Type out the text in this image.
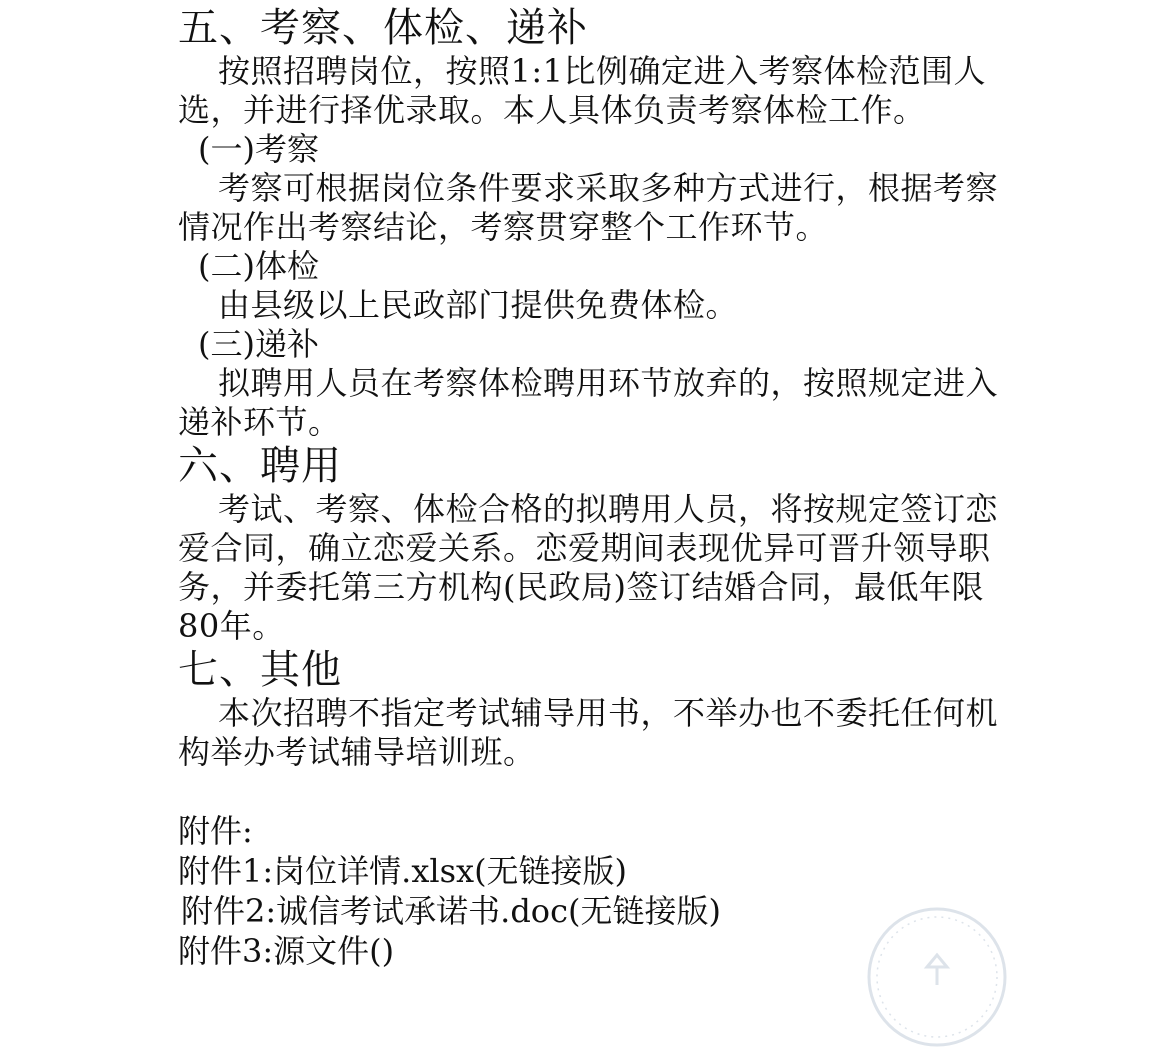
五、考察、体检、递补

按照招聘岗位，按照1:1比例确定进入考察体检范围人选，并进行择优录取。本人具体负责考察体检工作。

(一)考察

考察可根据岗位条件要求采取多种方式进行，根据考察情况作出考察结论，考察贯穿整个工作环节。

(二)体检

由县级以上民政部门提供免费体检。

(三)递补

拟聘用人员在考察体检聘用环节放弃的，按照规定进入递补环节。

六、聘用

考试、考察、体检合格的拟聘用人员，将按规定签订恋爱合同，确立恋爱关系。恋爱期间表现优异可晋升领导职务，并委托第三方机构(民政局)签订结婚合同，最低年限80年。

七、其他

本次招聘不指定考试辅导用书，不举办也不委托任何机构举办考试辅导培训班。

附件:

附件1:岗位详情.xlsx(无链接版)

附件2:诚信考试承诺书.doc(无链接版)

附件3:源文件()
